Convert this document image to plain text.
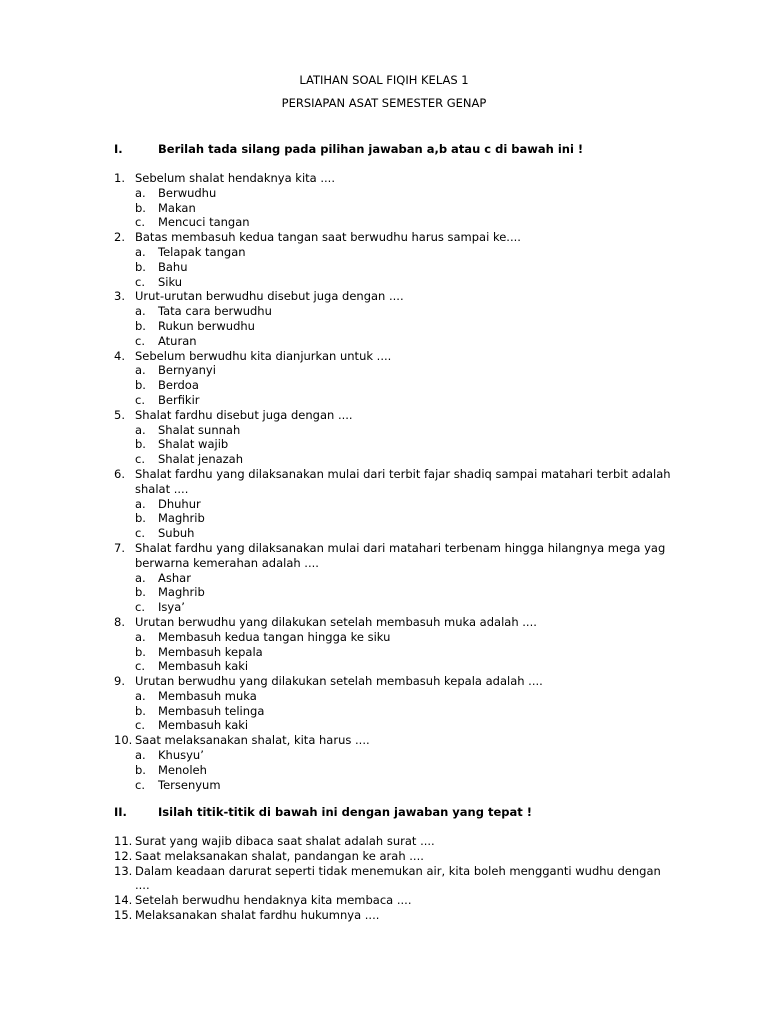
LATIHAN SOAL FIQIH KELAS 1
PERSIAPAN ASAT SEMESTER GENAP
I.	Berilah tada silang pada pilihan jawaban a,b atau c di bawah ini !
1. Sebelum shalat hendaknya kita ....
a. Berwudhu
b. Makan
c. Mencuci tangan
2. Batas membasuh kedua tangan saat berwudhu harus sampai ke....
a. Telapak tangan
b. Bahu
c. Siku
3. Urut-urutan berwudhu disebut juga dengan ....
a. Tata cara berwudhu
b. Rukun berwudhu
c. Aturan
4. Sebelum berwudhu kita dianjurkan untuk ....
a. Bernyanyi
b. Berdoa
c. Berfikir
5. Shalat fardhu disebut juga dengan ....
a. Shalat sunnah
b. Shalat wajib
c. Shalat jenazah
6. Shalat fardhu yang dilaksanakan mulai dari terbit fajar shadiq sampai matahari terbit adalah shalat ....
a. Dhuhur
b. Maghrib
c. Subuh
7. Shalat fardhu yang dilaksanakan mulai dari matahari terbenam hingga hilangnya mega yag berwarna kemerahan adalah ....
a. Ashar
b. Maghrib
c. Isya’
8. Urutan berwudhu yang dilakukan setelah membasuh muka adalah ....
a. Membasuh kedua tangan hingga ke siku
b. Membasuh kepala
c. Membasuh kaki
9. Urutan berwudhu yang dilakukan setelah membasuh kepala adalah ....
a. Membasuh muka
b. Membasuh telinga
c. Membasuh kaki
10. Saat melaksanakan shalat, kita harus ....
a. Khusyu’
b. Menoleh
c. Tersenyum
II.	Isilah titik-titik di bawah ini dengan jawaban yang tepat !
11. Surat yang wajib dibaca saat shalat adalah surat ....
12. Saat melaksanakan shalat, pandangan ke arah ....
13. Dalam keadaan darurat seperti tidak menemukan air, kita boleh mengganti wudhu dengan ....
14. Setelah berwudhu hendaknya kita membaca ....
15. Melaksanakan shalat fardhu hukumnya ....
